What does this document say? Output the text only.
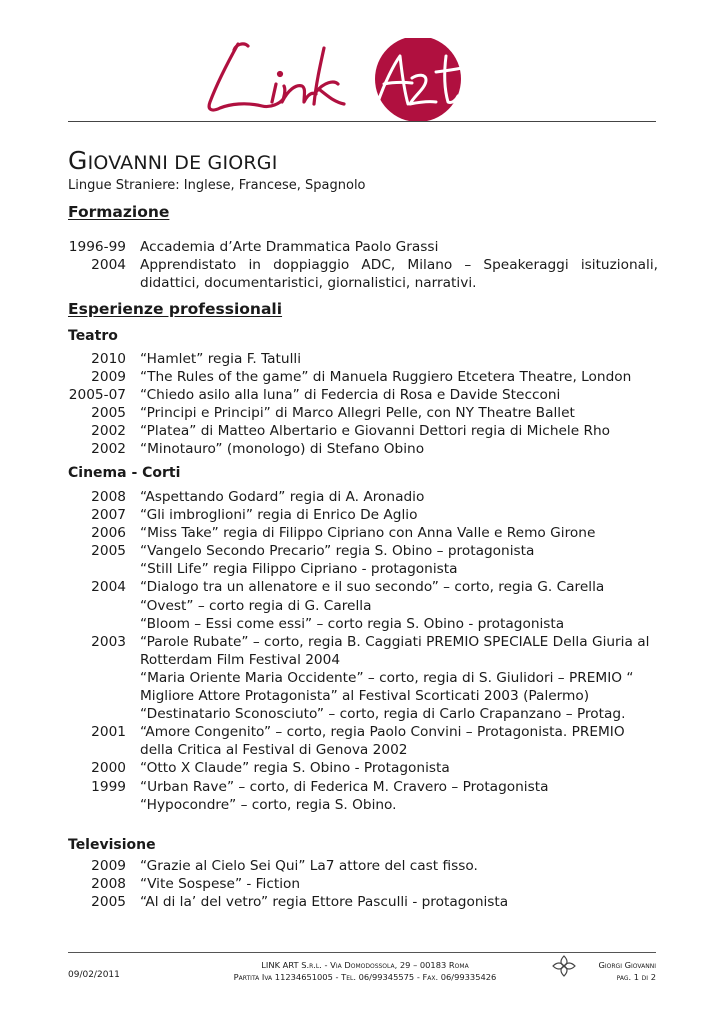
GIOVANNI DE GIORGI
Lingue Straniere: Inglese, Francese, Spagnolo
Formazione
1996-99 Accademia d’Arte Drammatica Paolo Grassi
2004 Apprendistato in doppiaggio ADC, Milano – Speakeraggi isituzionali, didattici, documentaristici, giornalistici, narrativi.
Esperienze professionali
Teatro
2010 “Hamlet” regia F. Tatulli
2009 “The Rules of the game” di Manuela Ruggiero Etcetera Theatre, London
2005-07 “Chiedo asilo alla luna” di Federcia di Rosa e Davide Stecconi
2005 “Principi e Principi” di Marco Allegri Pelle, con NY Theatre Ballet
2002 “Platea” di Matteo Albertario e Giovanni Dettori regia di Michele Rho
2002 “Minotauro” (monologo) di Stefano Obino
Cinema - Corti
2008 “Aspettando Godard” regia di A. Aronadio
2007 “Gli imbroglioni” regia di Enrico De Aglio
2006 “Miss Take” regia di Filippo Cipriano con Anna Valle e Remo Girone
2005 “Vangelo Secondo Precario” regia S. Obino – protagonista
“Still Life” regia Filippo Cipriano - protagonista
2004 “Dialogo tra un allenatore e il suo secondo” – corto, regia G. Carella
“Ovest” – corto regia di G. Carella
“Bloom – Essi come essi” – corto regia S. Obino - protagonista
2003 “Parole Rubate” – corto, regia B. Caggiati PREMIO SPECIALE Della Giuria al Rotterdam Film Festival 2004
“Maria Oriente Maria Occidente” – corto, regia di S. Giulidori – PREMIO “ Migliore Attore Protagonista” al Festival Scorticati 2003 (Palermo)
“Destinatario Sconosciuto” – corto, regia di Carlo Crapanzano – Protag.
2001 “Amore Congenito” – corto, regia Paolo Convini – Protagonista. PREMIO della Critica al Festival di Genova 2002
2000 “Otto X Claude” regia S. Obino - Protagonista
1999 “Urban Rave” – corto, di Federica M. Cravero – Protagonista
“Hypocondre” – corto, regia S. Obino.
Televisione
2009 “Grazie al Cielo Sei Qui” La7 attore del cast fisso.
2008 “Vite Sospese” - Fiction
2005 “Al di la’ del vetro” regia Ettore Pasculli - protagonista
09/02/2011
LINK ART S.r.l. - Via Domodossola, 29 – 00183 Roma
Partita Iva 11234651005 - Tel. 06/99345575 - Fax. 06/99335426
Giorgi Giovanni
pag. 1 di 2
